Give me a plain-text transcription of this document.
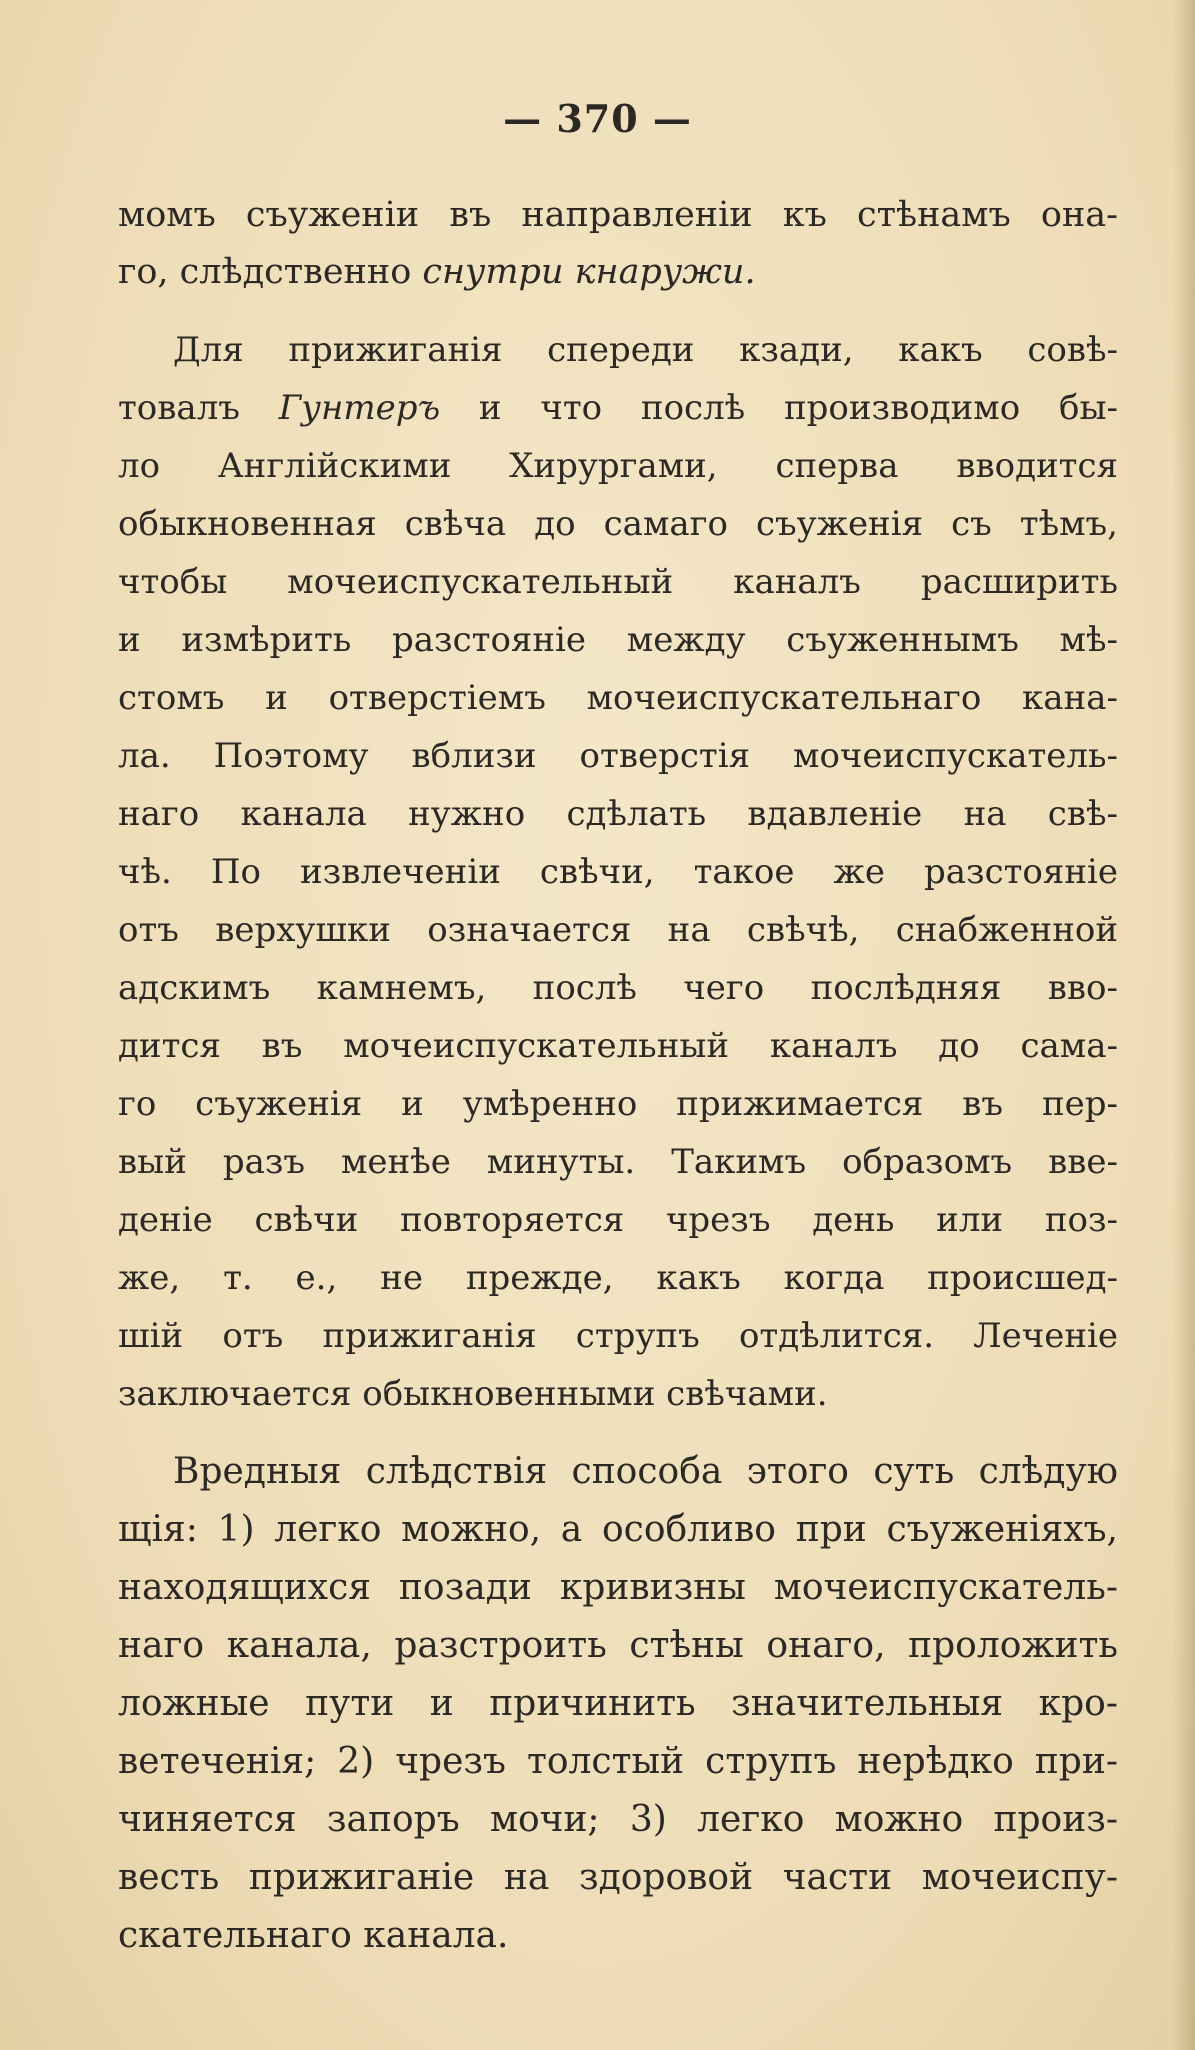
— 370 —
момъ съуженiи въ направленiи къ стѣнамъ она-
го, слѣдственно снутри кнаружи.
Для прижиганiя спереди кзади, какъ совѣ-
товалъ Гунтеръ и что послѣ производимо бы-
ло Англiйскими Хирургами, сперва вводится
обыкновенная свѣча до самаго съуженiя съ тѣмъ,
чтобы мочеиспускательный каналъ расширить
и измѣрить разстоянiе между съуженнымъ мѣ-
стомъ и отверстiемъ мочеиспускательнаго кана-
ла. Поэтому вблизи отверстiя мочеиспускатель-
наго канала нужно сдѣлать вдавленiе на свѣ-
чѣ. По извлеченiи свѣчи, такое же разстоянiе
отъ верхушки означается на свѣчѣ, снабженной
адскимъ камнемъ, послѣ чего послѣдняя вво-
дится въ мочеиспускательный каналъ до сама-
го съуженiя и умѣренно прижимается въ пер-
вый разъ менѣе минуты. Такимъ образомъ вве-
денiе свѣчи повторяется чрезъ день или поз-
же, т. е., не прежде, какъ когда происшед-
шiй отъ прижиганiя струпъ отдѣлится. Леченiе
заключается обыкновенными свѣчами.
Вредныя слѣдствiя способа этого суть слѣдую
щiя: 1) легко можно, а особливо при съуженiяхъ,
находящихся позади кривизны мочеиспускатель-
наго канала, разстроить стѣны онаго, проложить
ложные пути и причинить значительныя кро-
ветеченiя; 2) чрезъ толстый струпъ нерѣдко при-
чиняется запоръ мочи; 3) легко можно произ-
весть прижиганiе на здоровой части мочеиспу-
скательнаго канала.
